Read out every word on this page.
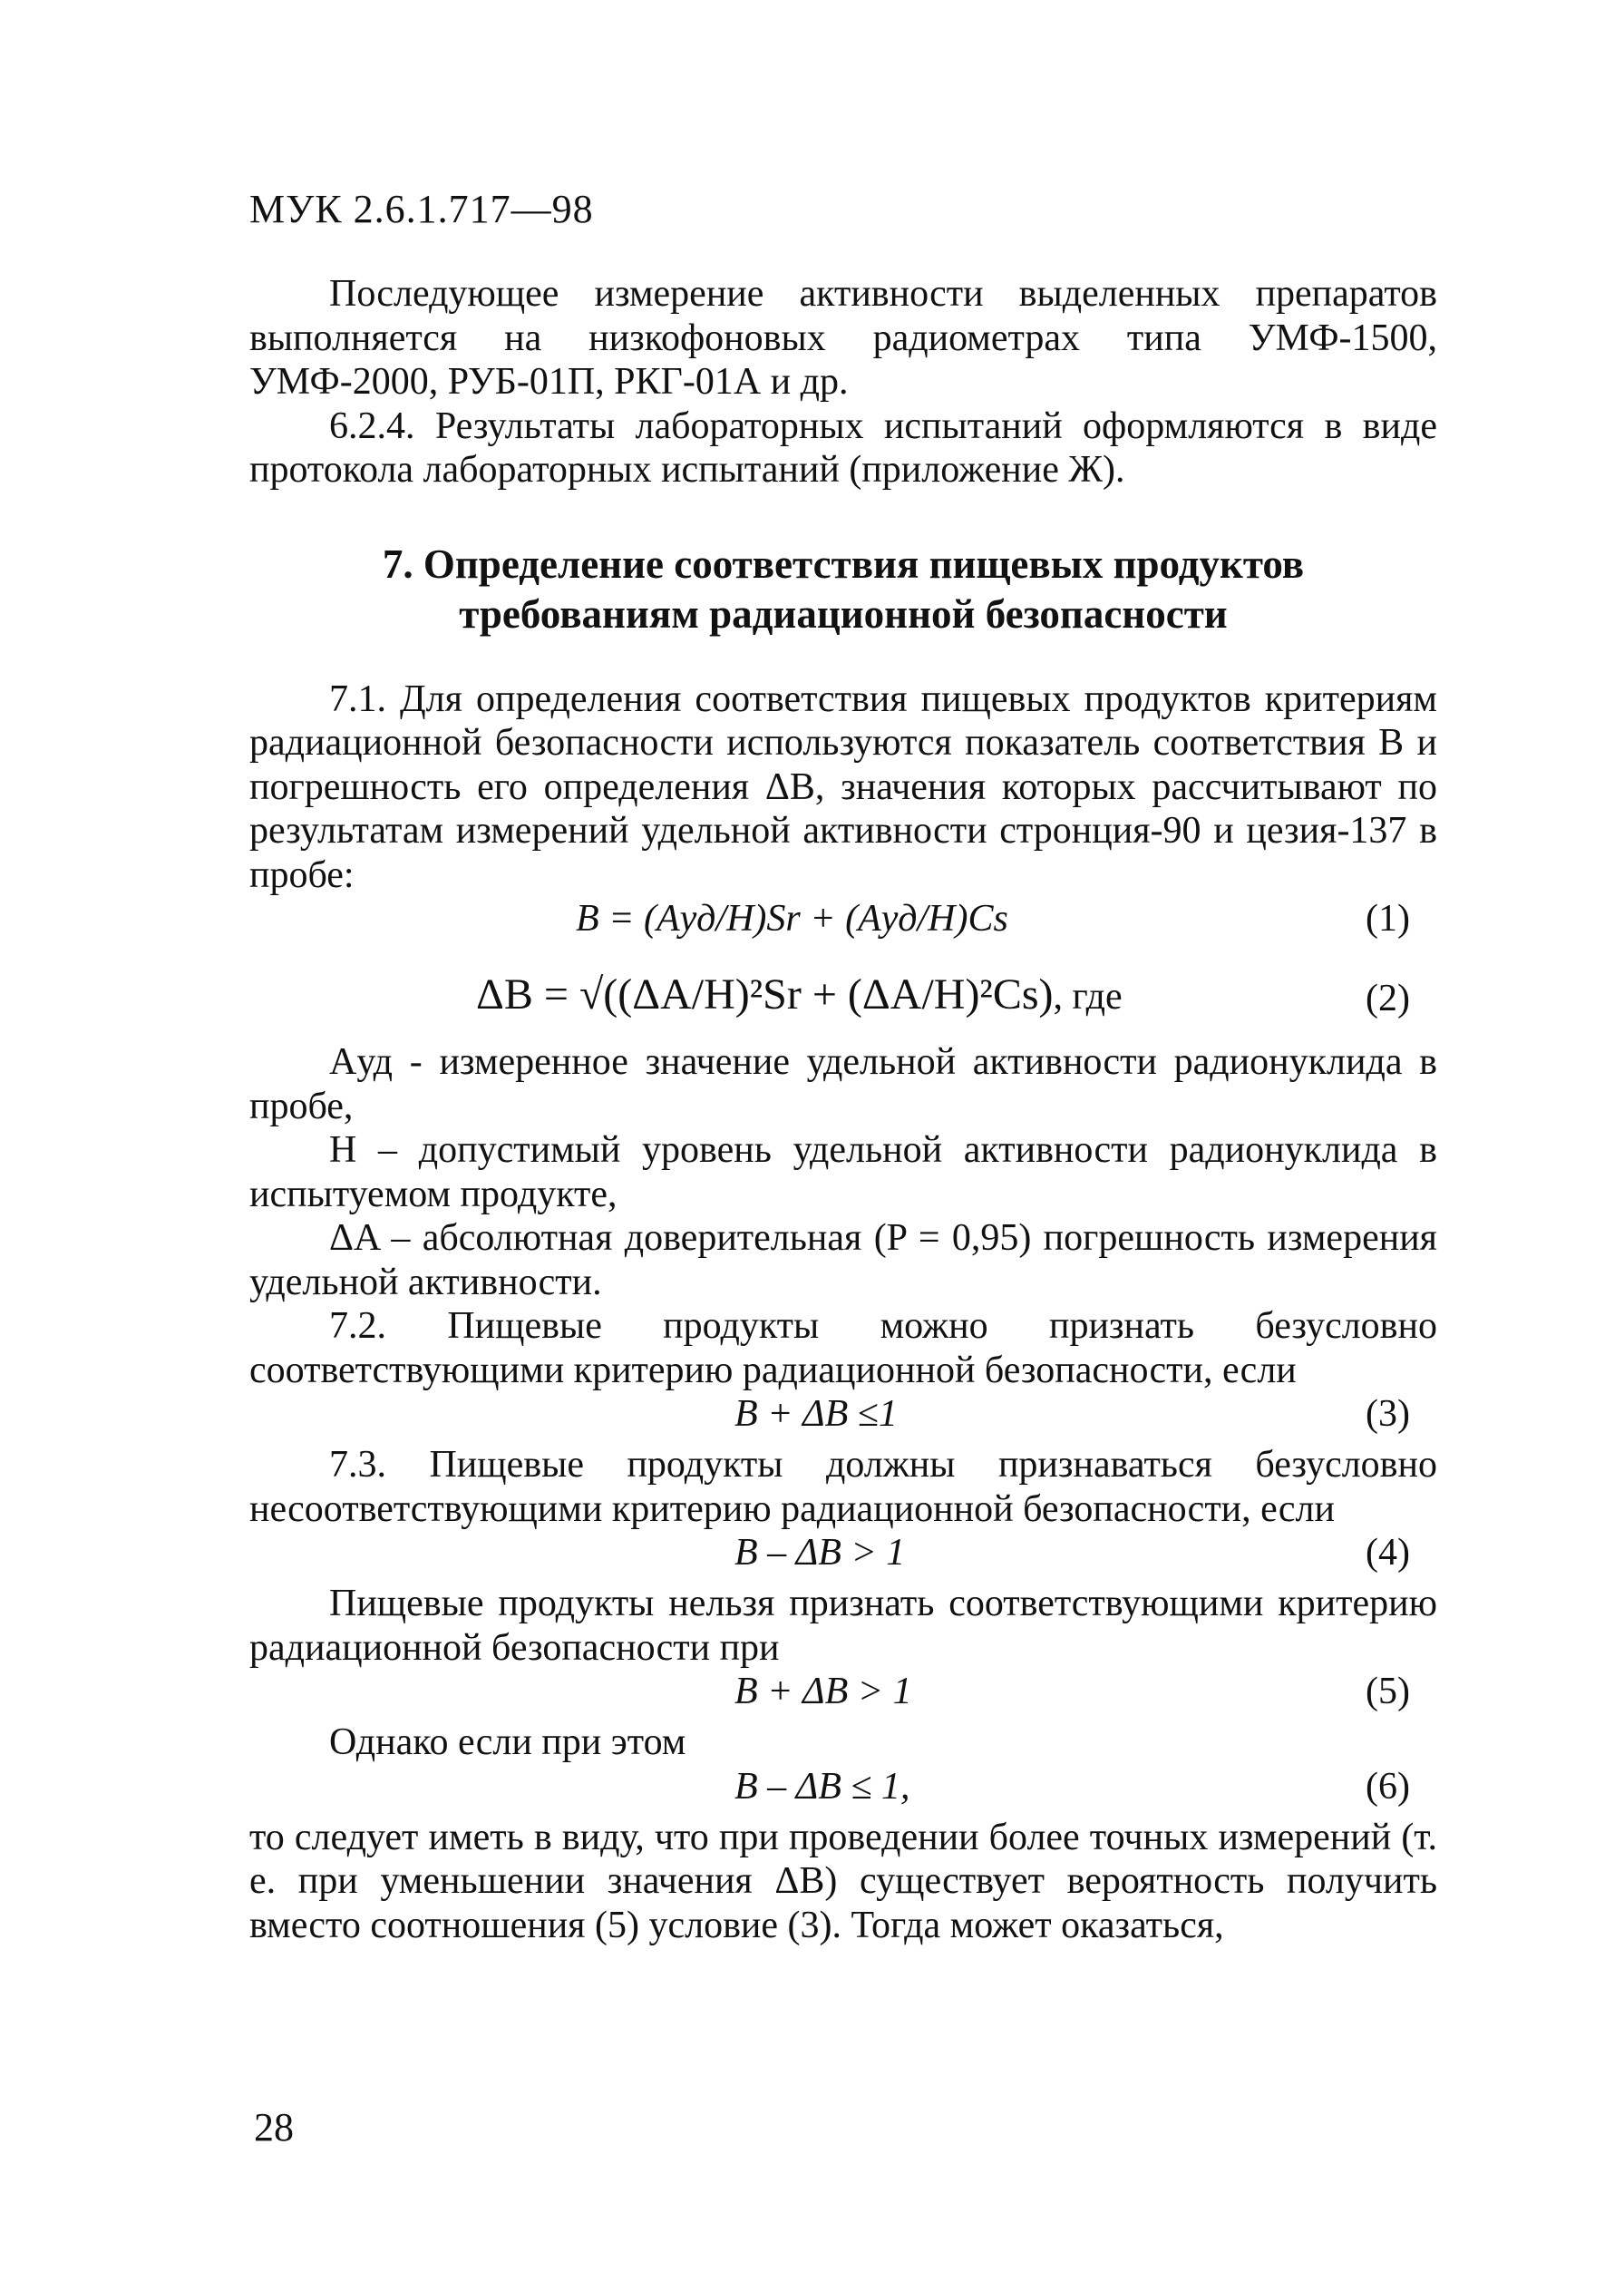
МУК 2.6.1.717—98

Последующее измерение активности выделенных препаратов выполняется на низкофоновых радиометрах типа УМФ-1500, УМФ-2000, РУБ-01П, РКГ-01А и др.

6.2.4. Результаты лабораторных испытаний оформляются в виде протокола лабораторных испытаний (приложение Ж).

7. Определение соответствия пищевых продуктов
требованиям радиационной безопасности

7.1. Для определения соответствия пищевых продуктов критериям радиационной безопасности используются показатель соответствия B и погрешность его определения ΔB, значения которых рассчитывают по результатам измерений удельной активности стронция-90 и цезия-137 в пробе:

B = (Aуд/H)Sr + (Aуд/H)Cs	(1)
ΔB = √((ΔA/H)²Sr + (ΔA/H)²Cs), где	(2)

Aуд - измеренное значение удельной активности радионуклида в пробе,

H – допустимый уровень удельной активности радионуклида в испытуемом продукте,

ΔA – абсолютная доверительная (P = 0,95) погрешность измерения удельной активности.

7.2. Пищевые продукты можно признать безусловно соответствующими критерию радиационной безопасности, если

B + ΔB ≤1	(3)

7.3. Пищевые продукты должны признаваться безусловно несоответствующими критерию радиационной безопасности, если

B – ΔB > 1	(4)

Пищевые продукты нельзя признать соответствующими критерию радиационной безопасности при

B + ΔB > 1	(5)

Однако если при этом

B – ΔB ≤ 1,	(6)

то следует иметь в виду, что при проведении более точных измерений (т. е. при уменьшении значения ΔB) существует вероятность получить вместо соотношения (5) условие (3). Тогда может оказаться,

28
